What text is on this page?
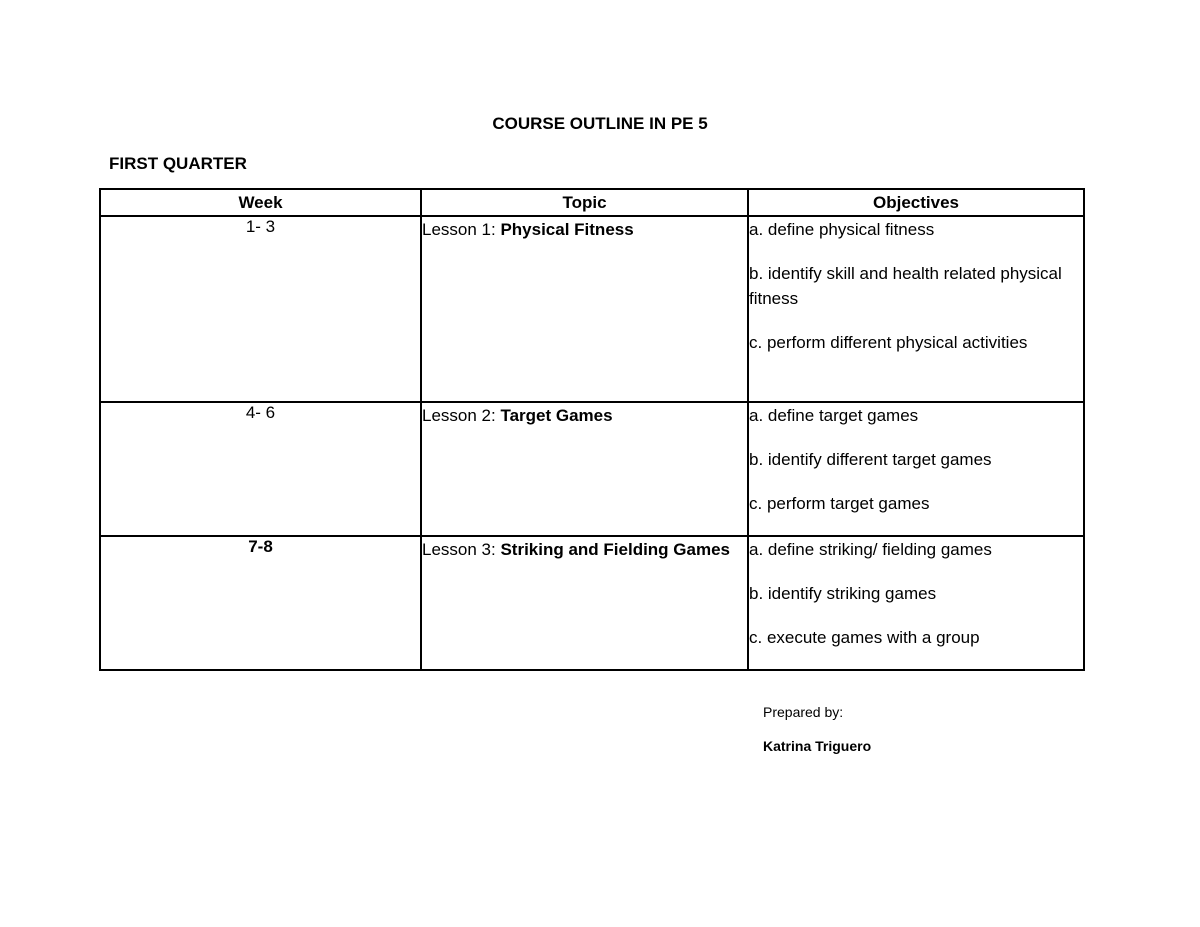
COURSE OUTLINE IN PE 5
FIRST QUARTER
Week	Topic	Objectives
1- 3	Lesson 1: Physical Fitness	a. define physical fitness
b. identify skill and health related physical fitness
c. perform different physical activities

4- 6	Lesson 2: Target Games	a. define target games
b. identify different target games
c. perform target games

7-8	Lesson 3: Striking and Fielding Games	a. define striking/ fielding games
b. identify striking games
c. execute games with a group
Prepared by:
Katrina Triguero
